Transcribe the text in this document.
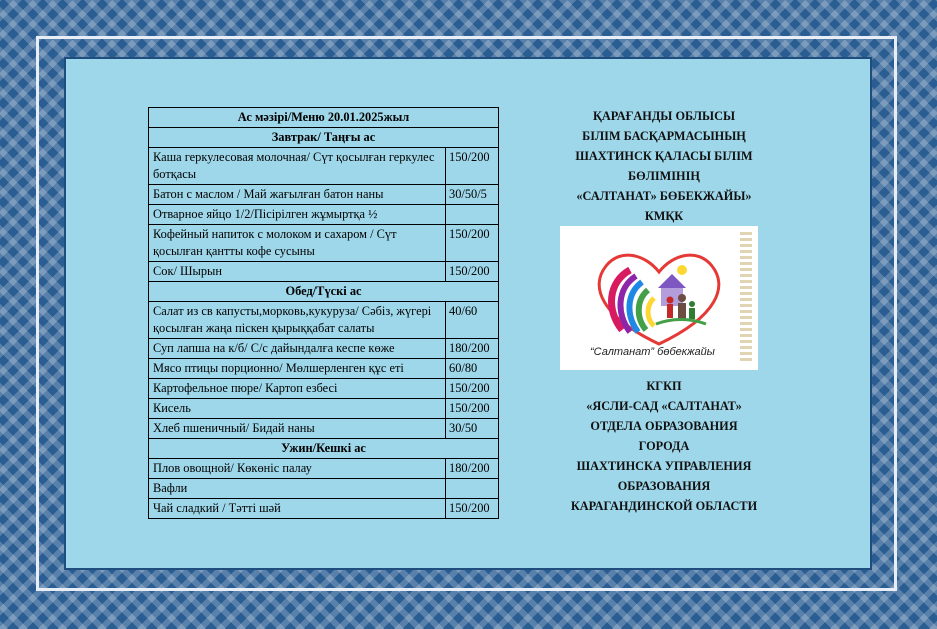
Ас мәзірі/Меню 20.01.2025жыл	
Завтрак/ Таңғы ас	
Каша геркулесовая молочная/ Сүт қосылған геркулес ботқасы	150/200
Батон с маслом / Май жағылған батон наны	30/50/5
Отварное яйцо 1/2/Пісірілген жұмыртқа ½	
Кофейный напиток с молоком и сахаром / Сүт қосылған қантты кофе сусыны	150/200
Сок/ Шырын	150/200
Обед/Түскі ас	
Салат из св капусты,морковь,кукуруза/ Сәбіз, жүгері қосылған жаңа піскен қырыққабат салаты	40/60
Суп лапша на к/б/ С/с дайындалға кеспе көже	180/200
Мясо птицы порционно/ Мөлшерленген құс еті	60/80
Картофельное пюре/ Картоп езбесі	150/200
Кисель	150/200
Хлеб пшеничный/ Бидай наны	30/50
Ужин/Кешкі ас	
Плов овощной/ Көкөніс палау	180/200
Вафли	
Чай сладкий / Тәтті шәй	150/200
ҚАРАҒАНДЫ ОБЛЫСЫ
БІЛІМ БАСҚАРМАСЫНЫҢ
ШАХТИНСК ҚАЛАСЫ БІЛІМ
БӨЛІМІНІҢ
«САЛТАНАТ» БӨБЕКЖАЙЫ»
КМҚК
“Салтанат” бөбекжайы
КГКП
«ЯСЛИ-САД «САЛТАНАТ»
ОТДЕЛА ОБРАЗОВАНИЯ
ГОРОДА
ШАХТИНСКА УПРАВЛЕНИЯ
ОБРАЗОВАНИЯ
КАРАГАНДИНСКОЙ ОБЛАСТИ
